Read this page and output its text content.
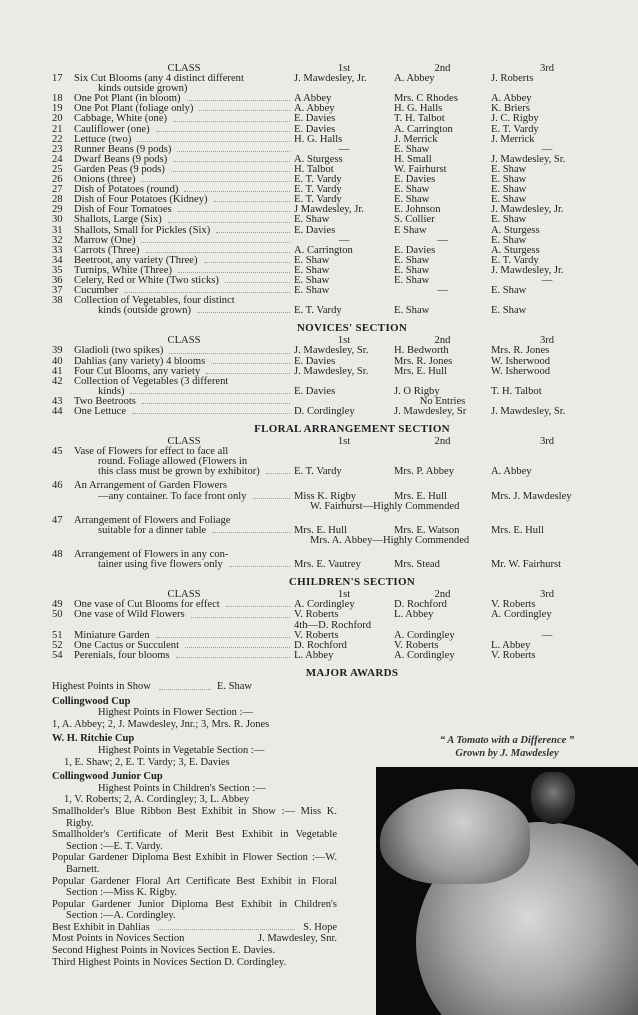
CLASS	1st	2nd	3rd
17	Six Cut Blooms (any 4 distinct different
kinds outside grown)
J. Mawdesley, Jr.	A. Abbey	J. Roberts
18	One Pot Plant (in bloom)	A Abbey	Mrs. C Rhodes	A. Abbey
19	One Pot Plant (foliage only)	A. Abbey	H. G. Halls	K. Briers
20	Cabbage, White (one)	E. Davies	T. H. Talbot	J. C. Rigby
21	Cauliflower (one)	E. Davies	A. Carrington	E. T. Vardy
22	Lettuce (two)	H. G. Halls	J. Merrick	J. Merrick
23	Runner Beans (9 pods)	—	E. Shaw	—
24	Dwarf Beans (9 pods)	A. Sturgess	H. Small	J. Mawdesley, Sr.
25	Garden Peas (9 pods)	H. Talbot	W. Fairhurst	E. Shaw
26	Onions (three)	E. T. Vardy	E. Davies	E. Shaw
27	Dish of Potatoes (round)	E. T. Vardy	E. Shaw	E. Shaw
28	Dish of Four Potatoes (Kidney)	E. T. Vardy	E. Shaw	E. Shaw
29	Dish of Four Tomatoes	J Mawdesley, Jr.	E. Johnson	J. Mawdesley, Jr.
30	Shallots, Large (Six)	E. Shaw	S. Collier	E. Shaw
31	Shallots, Small for Pickles (Six)	E. Davies	E Shaw	A. Sturgess
32	Marrow (One)	—	—	E. Shaw
33	Carrots (Three)	A. Carrington	E. Davies	A. Sturgess
34	Beetroot, any variety (Three)	E. Shaw	E. Shaw	E. T. Vardy
35	Turnips, White (Three)	E. Shaw	E. Shaw	J. Mawdesley, Jr.
36	Celery, Red or White (Two sticks)	E. Shaw	E. Shaw	—
37	Cucumber	E. Shaw	—	E. Shaw
38	Collection of Vegetables, four distinct
kinds (outside grown)	E. T. Vardy	E. Shaw	E. Shaw
NOVICES' SECTION
CLASS	1st	2nd	3rd
39	Gladioli (two spikes)	J. Mawdesley, Sr.	H. Bedworth	Mrs. R. Jones
40	Dahlias (any variety) 4 blooms	E. Davies	Mrs. R. Jones	W. Isherwood
41	Four Cut Blooms, any variety	J. Mawdesley, Sr.	Mrs. E. Hull	W. Isherwood
42	Collection of Vegetables (3 different
kinds)	E. Davies	J. O Rigby	T. H. Talbot
43	Two Beetroots	No Entries
44	One Lettuce	D. Cordingley	J. Mawdesley, Sr	J. Mawdesley, Sr.
FLORAL ARRANGEMENT SECTION
CLASS	1st	2nd	3rd
45	Vase of Flowers for effect to face all
round. Foliage allowed (Flowers in
this class must be grown by exhibitor)	E. T. Vardy	Mrs. P. Abbey	A. Abbey
46	An Arrangement of Garden Flowers
—any container. To face front only	Miss K. Rigby	Mrs. E. Hull	Mrs. J. Mawdesley
W. Fairhurst—Highly Commended
47	Arrangement of Flowers and Foliage
suitable for a dinner table	Mrs. E. Hull	Mrs. E. Watson	Mrs. E. Hull
Mrs. A. Abbey—Highly Commended
48	Arrangement of Flowers in any con-
tainer using five flowers only	Mrs. E. Vautrey	Mrs. Stead	Mr. W. Fairhurst
CHILDREN'S SECTION
CLASS	1st	2nd	3rd
49	One vase of Cut Blooms for effect	A. Cordingley	D. Rochford	V. Roberts
50	One vase of Wild Flowers	V. Roberts	L. Abbey	A. Cordingley
4th—D. Rochford
51	Miniature Garden	V. Roberts	A. Cordingley	—
52	One Cactus or Succulent	D. Rochford	V. Roberts	L. Abbey
54	Perenials, four blooms	L. Abbey	A. Cordingley	V. Roberts
MAJOR AWARDS
Highest Points in Show	E. Shaw
Collingwood Cup
Highest Points in Flower Section :—
1, A. Abbey; 2, J. Mawdesley, Jnr.; 3, Mrs. R. Jones
W. H. Ritchie Cup
Highest Points in Vegetable Section :—
1, E. Shaw; 2, E. T. Vardy; 3, E. Davies
Collingwood Junior Cup
Highest Points in Children's Section :—
1, V. Roberts; 2, A. Cordingley; 3, L. Abbey
Smallholder's Blue Ribbon Best Exhibit in Show :— Miss K. Rigby.
Smallholder's Certificate of Merit Best Exhibit in Vegetable Section :—E. T. Vardy.
Popular Gardener Diploma Best Exhibit in Flower Section :—W. Barnett.
Popular Gardener Floral Art Certificate Best Exhibit in Floral Section :—Miss K. Rigby.
Popular Gardener Junior Diploma Best Exhibit in Children's Section :—A. Cordingley.
Best Exhibit in Dahlias	S. Hope
Most Points in Novices Section	J. Mawdesley, Snr.
Second Highest Points in Novices Section E. Davies.
Third Highest Points in Novices Section D. Cordingley.
“ A Tomato with a Difference ”
Grown by J. Mawdesley
